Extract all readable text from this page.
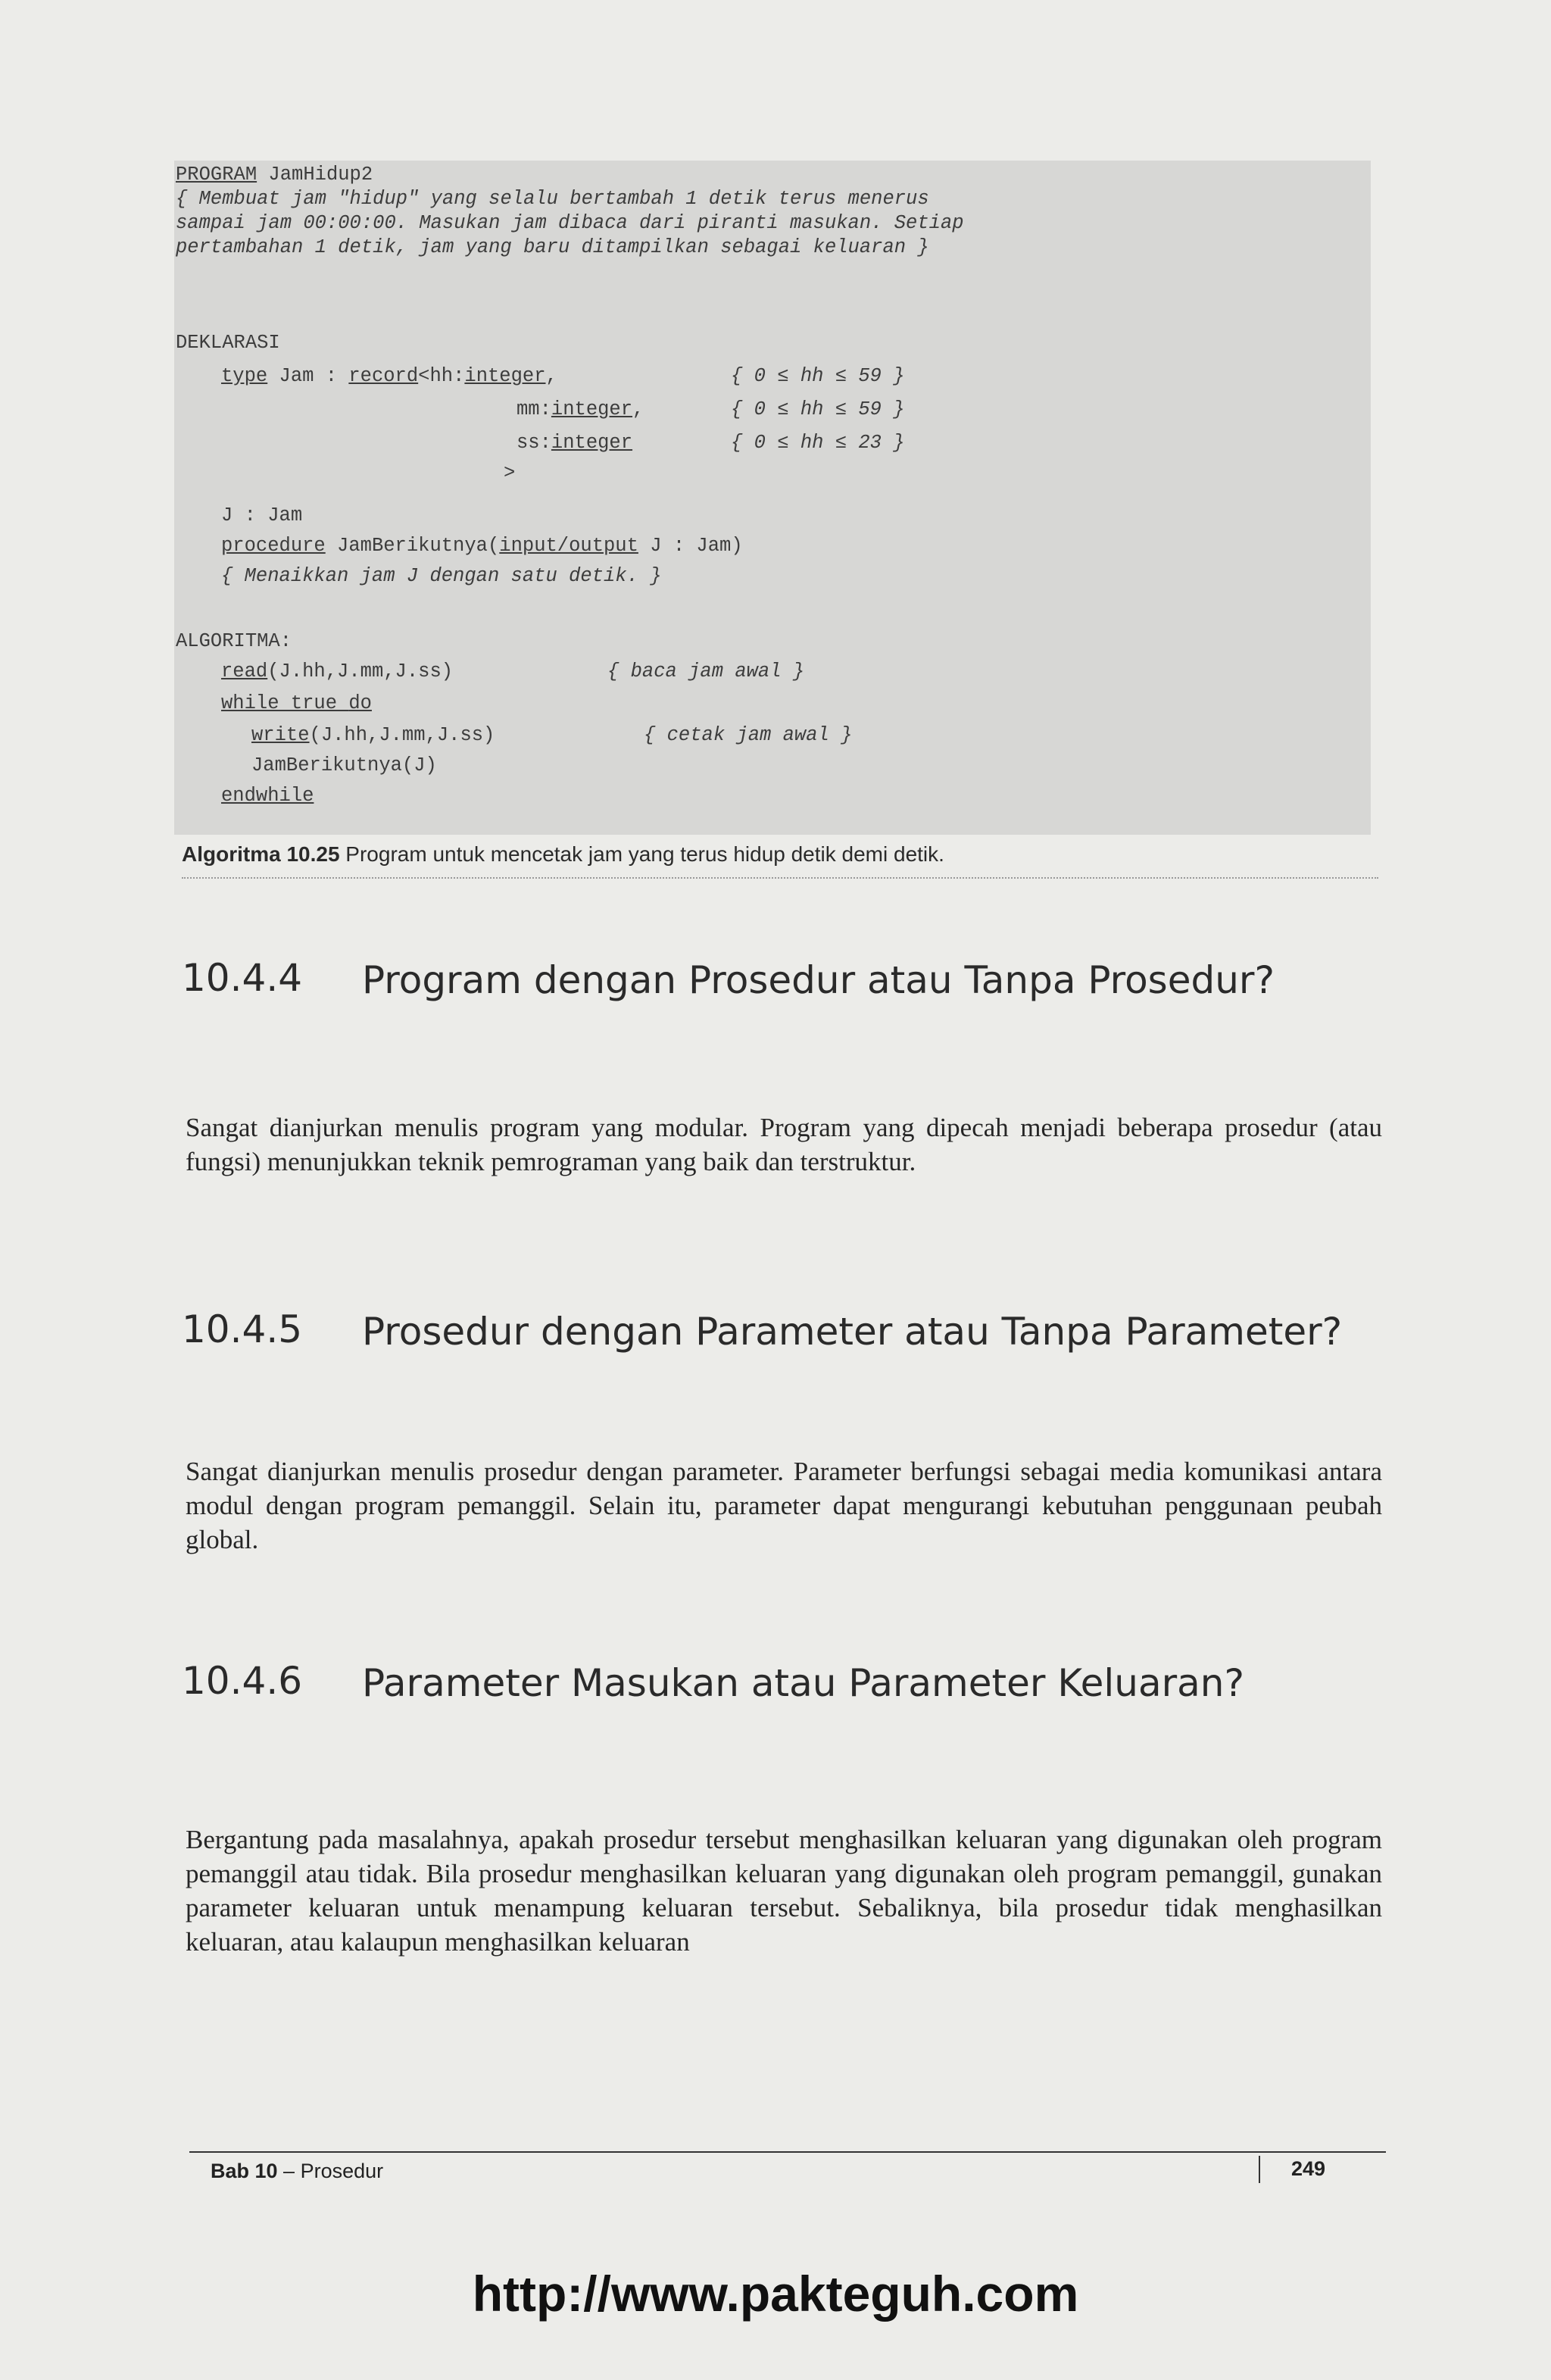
PROGRAM JamHidup2
{ Membuat jam "hidup" yang selalu bertambah 1 detik terus menerus
sampai jam 00:00:00. Masukan jam dibaca dari piranti masukan. Setiap
pertambahan 1 detik, jam yang baru ditampilkan sebagai keluaran }
DEKLARASI
type Jam : record<hh:integer,	{ 0 ≤ hh ≤ 59 }
mm:integer,	{ 0 ≤ hh ≤ 59 }
ss:integer	{ 0 ≤ hh ≤ 23 }
>
J : Jam
procedure JamBerikutnya(input/output J : Jam)
{ Menaikkan jam J dengan satu detik. }
ALGORITMA:
read(J.hh,J.mm,J.ss)	{ baca jam awal }
while true do
write(J.hh,J.mm,J.ss)	{ cetak jam awal }
JamBerikutnya(J)
endwhile
Algoritma 10.25 Program untuk mencetak jam yang terus hidup detik demi detik.
10.4.4 Program dengan Prosedur atau Tanpa Prosedur?
Sangat dianjurkan menulis program yang modular. Program yang dipecah menjadi beberapa prosedur (atau fungsi) menunjukkan teknik pemrograman yang baik dan terstruktur.
10.4.5 Prosedur dengan Parameter atau Tanpa Parameter?
Sangat dianjurkan menulis prosedur dengan parameter. Parameter berfungsi sebagai media komunikasi antara modul dengan program pemanggil. Selain itu, parameter dapat mengurangi kebutuhan penggunaan peubah global.
10.4.6 Parameter Masukan atau Parameter Keluaran?
Bergantung pada masalahnya, apakah prosedur tersebut menghasilkan keluaran yang digunakan oleh program pemanggil atau tidak. Bila prosedur menghasilkan keluaran yang digunakan oleh program pemanggil, gunakan parameter keluaran untuk menampung keluaran tersebut. Sebaliknya, bila prosedur tidak menghasilkan keluaran, atau kalaupun menghasilkan keluaran
Bab 10 – Prosedur	249
http://www.pakteguh.com
